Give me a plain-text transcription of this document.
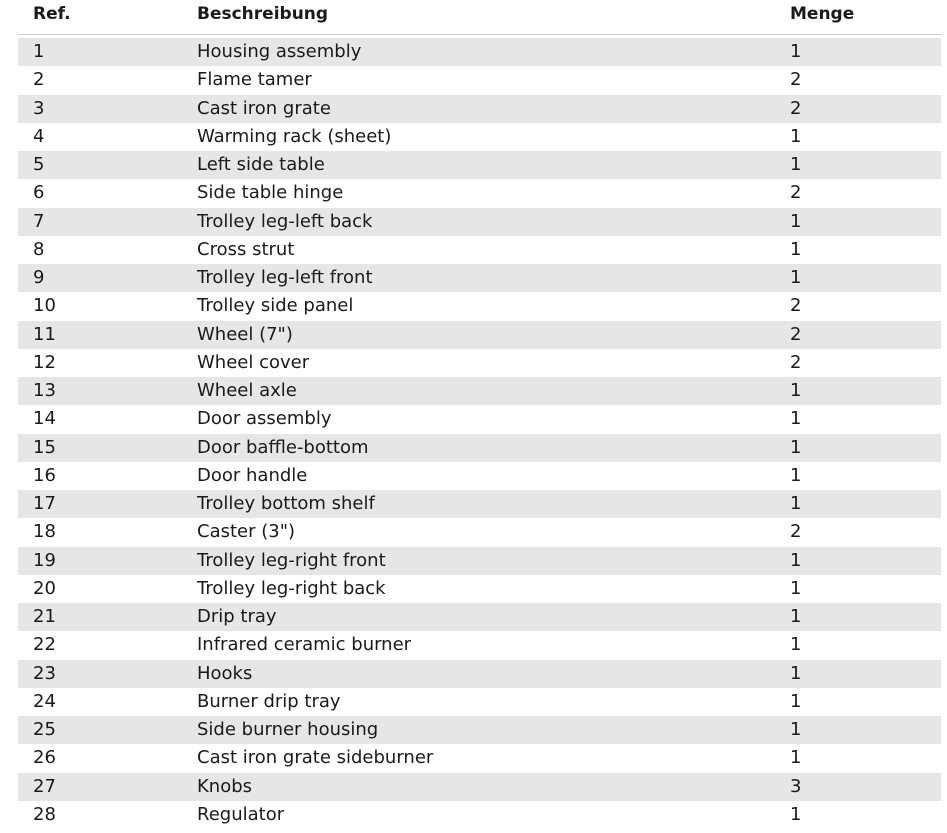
Ref.	Beschreibung	Menge
1	Housing assembly	1
2	Flame tamer	2
3	Cast iron grate	2
4	Warming rack (sheet)	1
5	Left side table	1
6	Side table hinge	2
7	Trolley leg-left back	1
8	Cross strut	1
9	Trolley leg-left front	1
10	Trolley side panel	2
11	Wheel (7")	2
12	Wheel cover	2
13	Wheel axle	1
14	Door assembly	1
15	Door baffle-bottom	1
16	Door handle	1
17	Trolley bottom shelf	1
18	Caster (3")	2
19	Trolley leg-right front	1
20	Trolley leg-right back	1
21	Drip tray	1
22	Infrared ceramic burner	1
23	Hooks	1
24	Burner drip tray	1
25	Side burner housing	1
26	Cast iron grate sideburner	1
27	Knobs	3
28	Regulator	1
